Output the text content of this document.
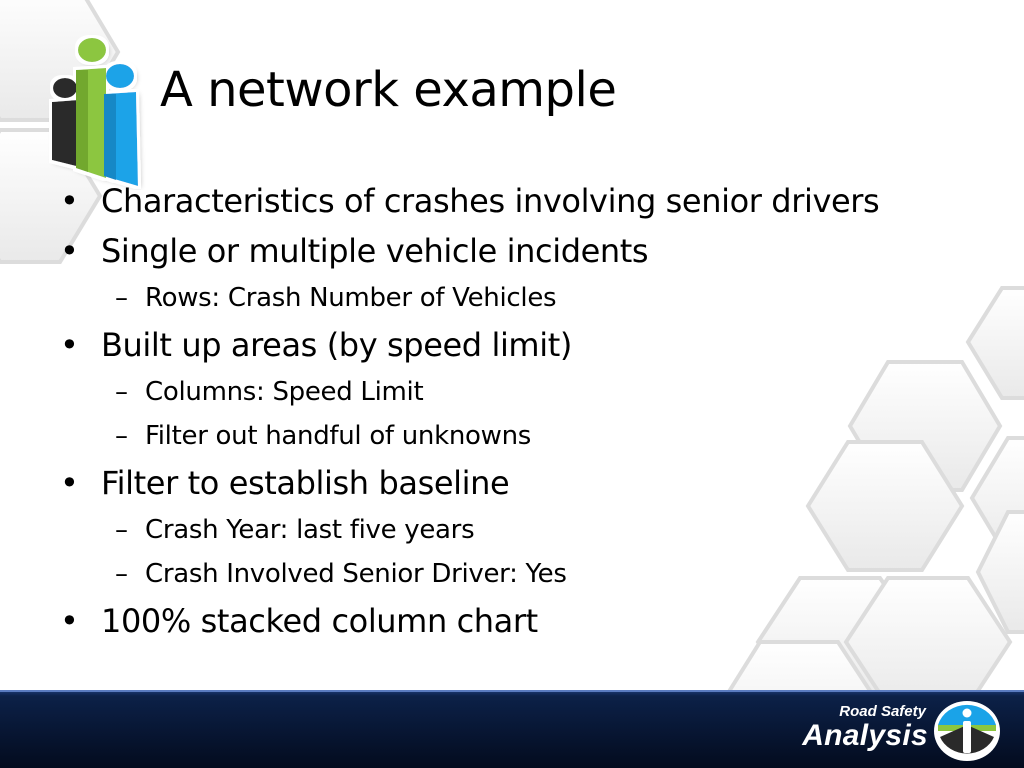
A network example
• Characteristics of crashes involving senior drivers
• Single or multiple vehicle incidents
– Rows: Crash Number of Vehicles
• Built up areas (by speed limit)
– Columns: Speed Limit
– Filter out handful of unknowns
• Filter to establish baseline
– Crash Year: last five years
– Crash Involved Senior Driver: Yes
• 100% stacked column chart
Road Safety
Analysis
